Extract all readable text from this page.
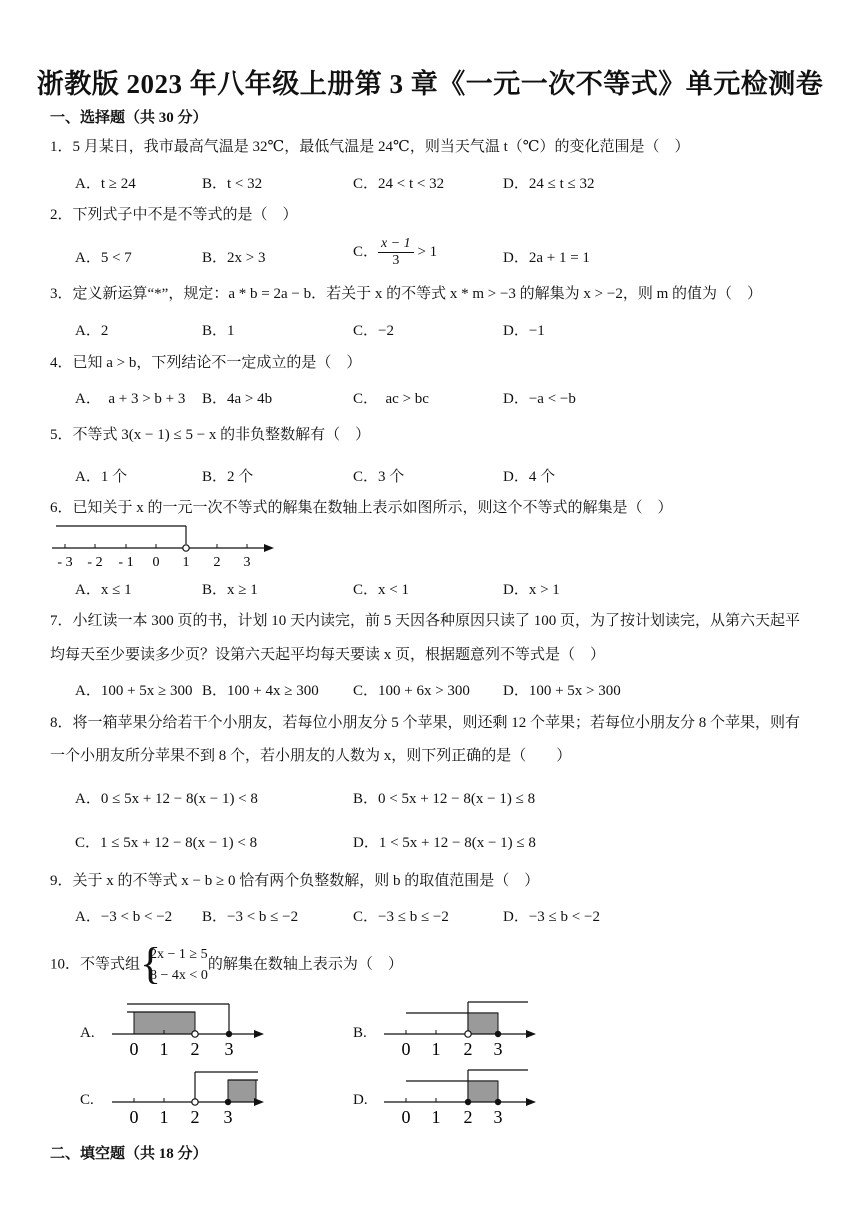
浙教版 2023 年八年级上册第 3 章《一元一次不等式》单元检测卷
一、选择题（共 30 分）
1．5 月某日，我市最高气温是 32℃，最低气温是 24℃，则当天气温 t（℃）的变化范围是（　）
A．t ≥ 24	B．t < 32	C．24 < t < 32	D．24 ≤ t ≤ 32
2．下列式子中不是不等式的是（　）
A．5 < 7	B．2x > 3	C． $\frac{x - 1}{3} > 1$	D．2a + 1 = 1
3．定义新运算“*”，规定：a * b = 2a − b．若关于 x 的不等式 x * m > −3 的解集为 x > −2，则 m 的值为（　）
A．2	B．1	C．−2	D．−1
4．已知 a > b，下列结论不一定成立的是（　）
A．　a + 3 > b + 3 B．4a > 4b	C．　ac > bc	D．−a < −b
5．不等式 3(x − 1) ≤ 5 − x 的非负整数解有（　）
A．1 个	B．2 个	C．3 个	D．4 个
6．已知关于 x 的一元一次不等式的解集在数轴上表示如图所示，则这个不等式的解集是（　）
- 3 - 2 - 1 0 1 2 3
A．x ≤ 1	B．x ≥ 1	C．x < 1	D．x > 1
7．小红读一本 300 页的书，计划 10 天内读完，前 5 天因各种原因只读了 100 页，为了按计划读完，从第六天起平
均每天至少要读多少页？设第六天起平均每天要读 x 页，根据题意列不等式是（　）
A．100 + 5x ≥ 300 B．100 + 4x ≥ 300 C．100 + 6x > 300 D．100 + 5x > 300
8．将一箱苹果分给若干个小朋友，若每位小朋友分 5 个苹果，则还剩 12 个苹果；若每位小朋友分 8 个苹果，则有
一个小朋友所分苹果不到 8 个，若小朋友的人数为 x，则下列正确的是（　　）
A．0 ≤ 5x + 12 − 8(x − 1) < 8	B．0 < 5x + 12 − 8(x − 1) ≤ 8
C．1 ≤ 5x + 12 − 8(x − 1) < 8	D．1 < 5x + 12 − 8(x − 1) ≤ 8
9．关于 x 的不等式 x − b ≥ 0 恰有两个负整数解，则 b 的取值范围是（　）
A．−3 < b < −2 B．−3 < b ≤ −2	C．−3 ≤ b ≤ −2	D．−3 ≤ b < −2
10．不等式组 {
2x − 1 ≥ 5
8 − 4x < 0
的解集在数轴上表示为（　）
A.
0 1 2 3
B.
0 1 2 3
C.
0 1 2 3
D.
0 1 2 3
二、填空题（共 18 分）
